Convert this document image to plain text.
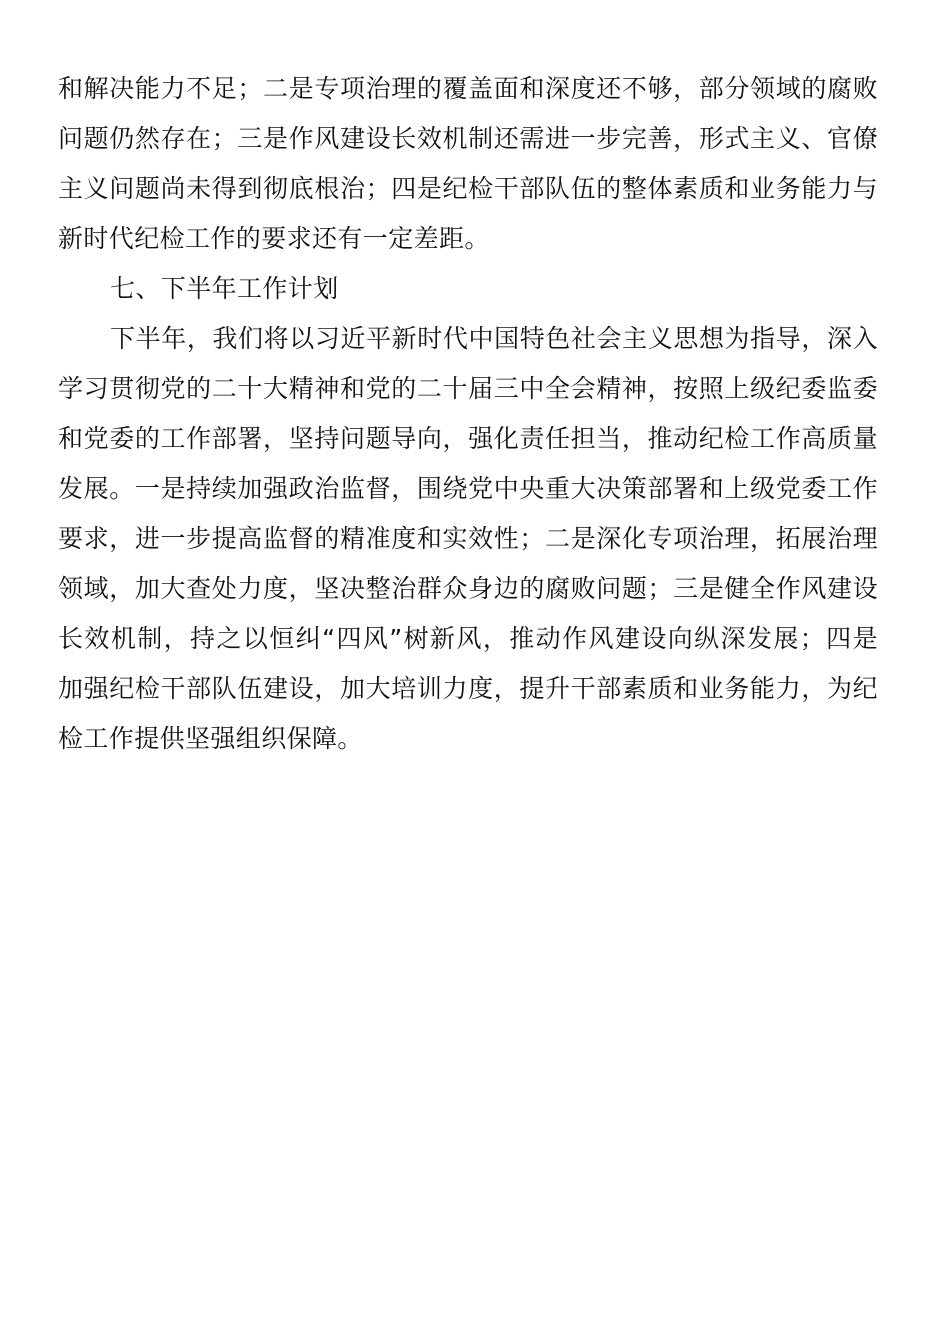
和解决能力不足；二是专项治理的覆盖面和深度还不够，部分领域的腐败
问题仍然存在；三是作风建设长效机制还需进一步完善，形式主义、官僚
主义问题尚未得到彻底根治；四是纪检干部队伍的整体素质和业务能力与
新时代纪检工作的要求还有一定差距。
七、下半年工作计划
下半年，我们将以习近平新时代中国特色社会主义思想为指导，深入
学习贯彻党的二十大精神和党的二十届三中全会精神，按照上级纪委监委
和党委的工作部署，坚持问题导向，强化责任担当，推动纪检工作高质量
发展。一是持续加强政治监督，围绕党中央重大决策部署和上级党委工作
要求，进一步提高监督的精准度和实效性；二是深化专项治理，拓展治理
领域，加大查处力度，坚决整治群众身边的腐败问题；三是健全作风建设
长效机制，持之以恒纠“四风”树新风，推动作风建设向纵深发展；四是
加强纪检干部队伍建设，加大培训力度，提升干部素质和业务能力，为纪
检工作提供坚强组织保障。
